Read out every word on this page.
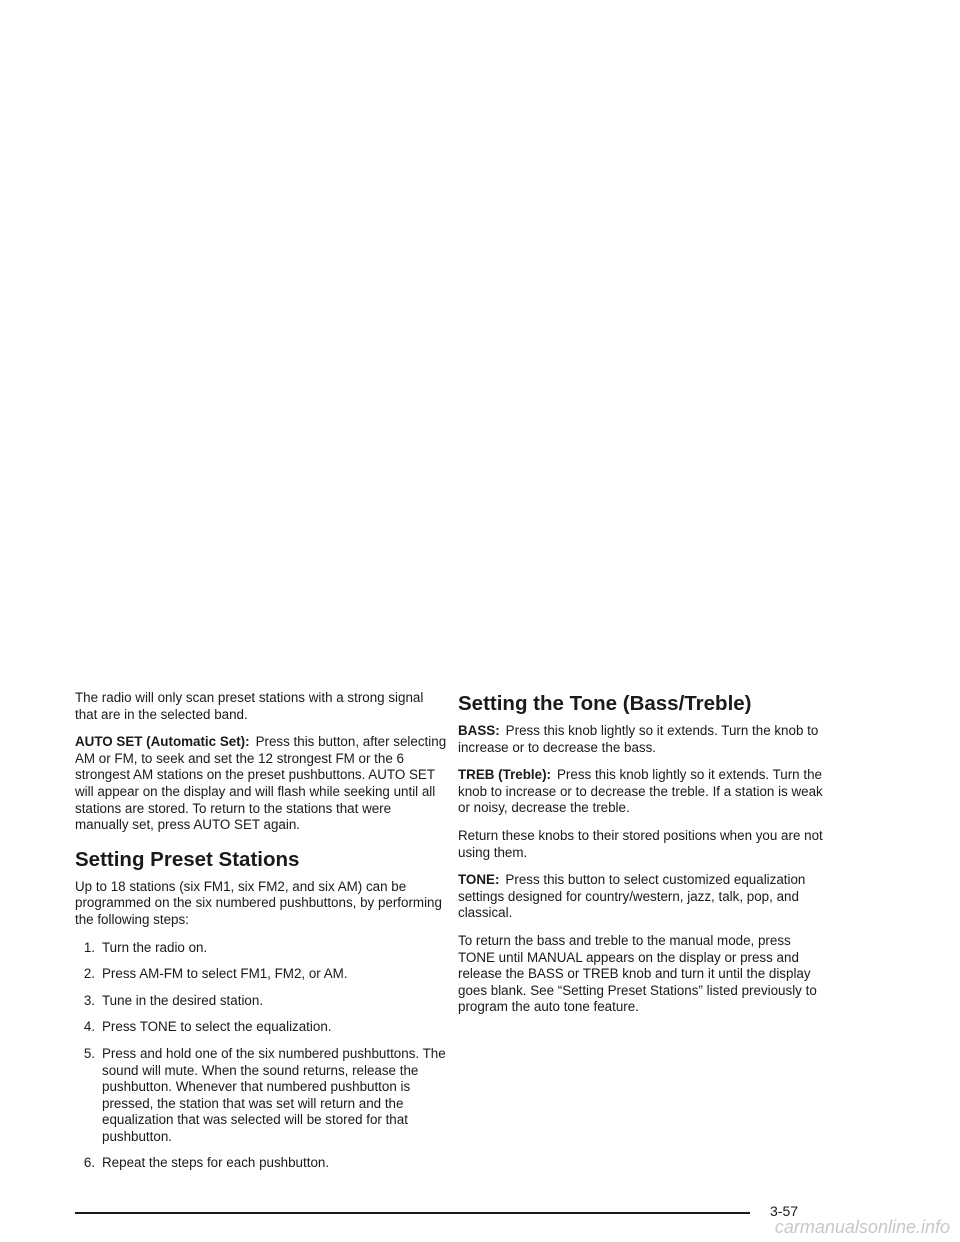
The radio will only scan preset stations with a strong signal that are in the selected band.

AUTO SET (Automatic Set): Press this button, after selecting AM or FM, to seek and set the 12 strongest FM or the 6 strongest AM stations on the preset pushbuttons. AUTO SET will appear on the display and will flash while seeking until all stations are stored. To return to the stations that were manually set, press AUTO SET again.

Setting Preset Stations

Up to 18 stations (six FM1, six FM2, and six AM) can be programmed on the six numbered pushbuttons, by performing the following steps:

1. Turn the radio on.
2. Press AM-FM to select FM1, FM2, or AM.
3. Tune in the desired station.
4. Press TONE to select the equalization.
5. Press and hold one of the six numbered pushbuttons. The sound will mute. When the sound returns, release the pushbutton. Whenever that numbered pushbutton is pressed, the station that was set will return and the equalization that was selected will be stored for that pushbutton.
6. Repeat the steps for each pushbutton.
Setting the Tone (Bass/Treble)

BASS: Press this knob lightly so it extends. Turn the knob to increase or to decrease the bass.

TREB (Treble): Press this knob lightly so it extends. Turn the knob to increase or to decrease the treble. If a station is weak or noisy, decrease the treble.

Return these knobs to their stored positions when you are not using them.

TONE: Press this button to select customized equalization settings designed for country/western, jazz, talk, pop, and classical.

To return the bass and treble to the manual mode, press TONE until MANUAL appears on the display or press and release the BASS or TREB knob and turn it until the display goes blank. See “Setting Preset Stations” listed previously to program the auto tone feature.

3-57
carmanualsonline.info
